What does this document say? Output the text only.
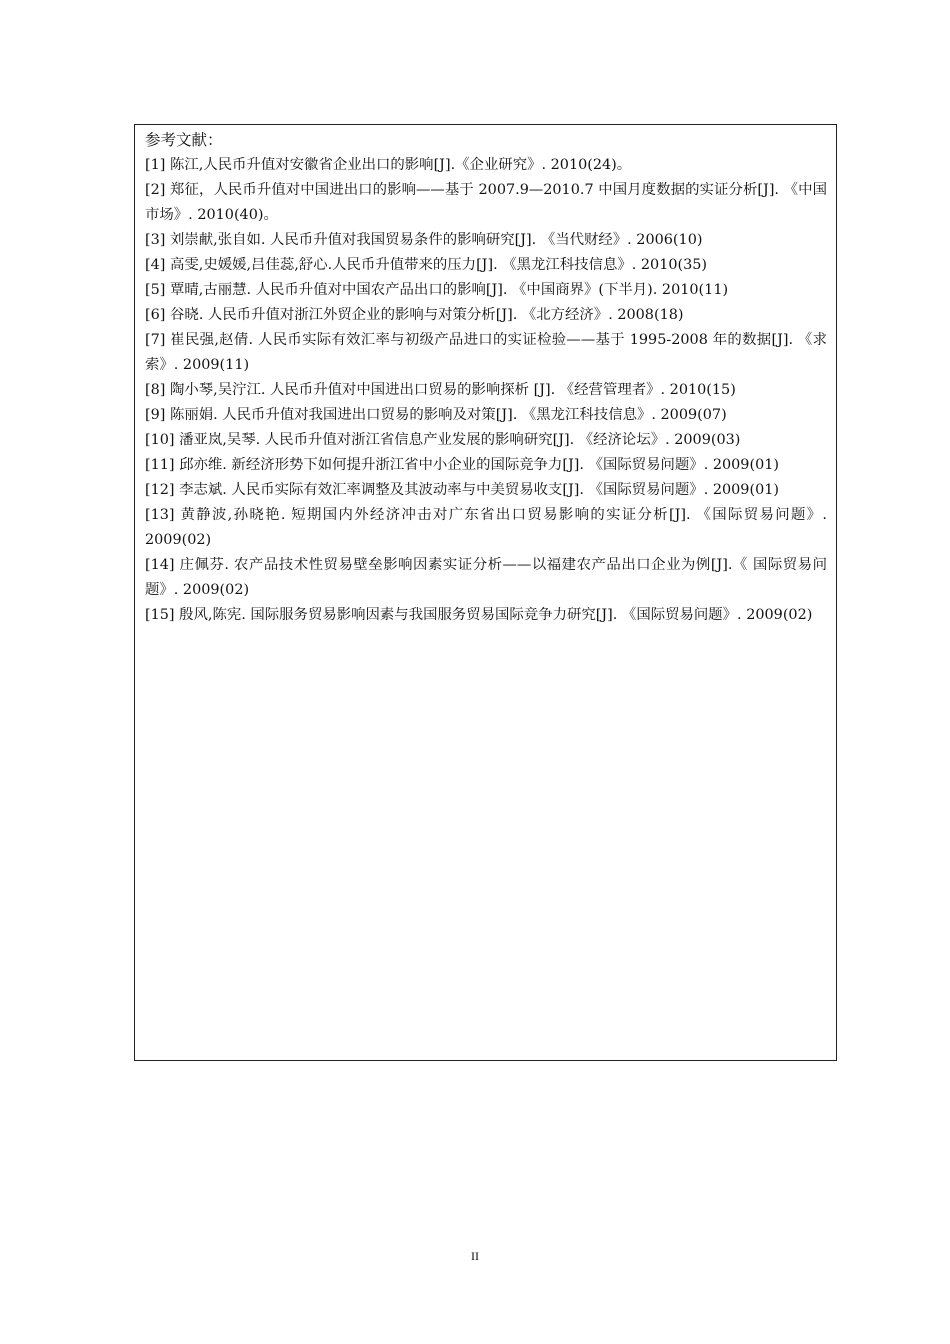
参考文献：
[1] 陈江,人民币升值对安徽省企业出口的影响[J].《企业研究》. 2010(24)。
[2] 郑征，人民币升值对中国进出口的影响——基于 2007.9—2010.7 中国月度数据的实证分析[J]. 《中国市场》. 2010(40)。
[3] 刘崇献,张自如. 人民币升值对我国贸易条件的影响研究[J]. 《当代财经》. 2006(10)
[4] 高雯,史媛媛,吕佳蕊,舒心.人民币升值带来的压力[J]. 《黑龙江科技信息》. 2010(35)
[5] 覃晴,古丽慧. 人民币升值对中国农产品出口的影响[J]. 《中国商界》(下半月). 2010(11)
[6] 谷晓. 人民币升值对浙江外贸企业的影响与对策分析[J]. 《北方经济》. 2008(18)
[7] 崔民强,赵倩. 人民币实际有效汇率与初级产品进口的实证检验——基于 1995-2008 年的数据[J]. 《求索》. 2009(11)
[8] 陶小琴,吴泞江. 人民币升值对中国进出口贸易的影响探析 [J]. 《经营管理者》. 2010(15)
[9] 陈丽娟. 人民币升值对我国进出口贸易的影响及对策[J]. 《黑龙江科技信息》. 2009(07)
[10] 潘亚岚,吴琴. 人民币升值对浙江省信息产业发展的影响研究[J]. 《经济论坛》. 2009(03)
[11] 邱亦维. 新经济形势下如何提升浙江省中小企业的国际竞争力[J]. 《国际贸易问题》. 2009(01)
[12] 李志斌. 人民币实际有效汇率调整及其波动率与中美贸易收支[J]. 《国际贸易问题》. 2009(01)
[13] 黄静波,孙晓艳. 短期国内外经济冲击对广东省出口贸易影响的实证分析[J]. 《国际贸易问题》. 2009(02)
[14] 庄佩芬. 农产品技术性贸易壁垒影响因素实证分析——以福建农产品出口企业为例[J].《 国际贸易问题》. 2009(02)
[15] 殷风,陈宪. 国际服务贸易影响因素与我国服务贸易国际竞争力研究[J]. 《国际贸易问题》. 2009(02)
II
